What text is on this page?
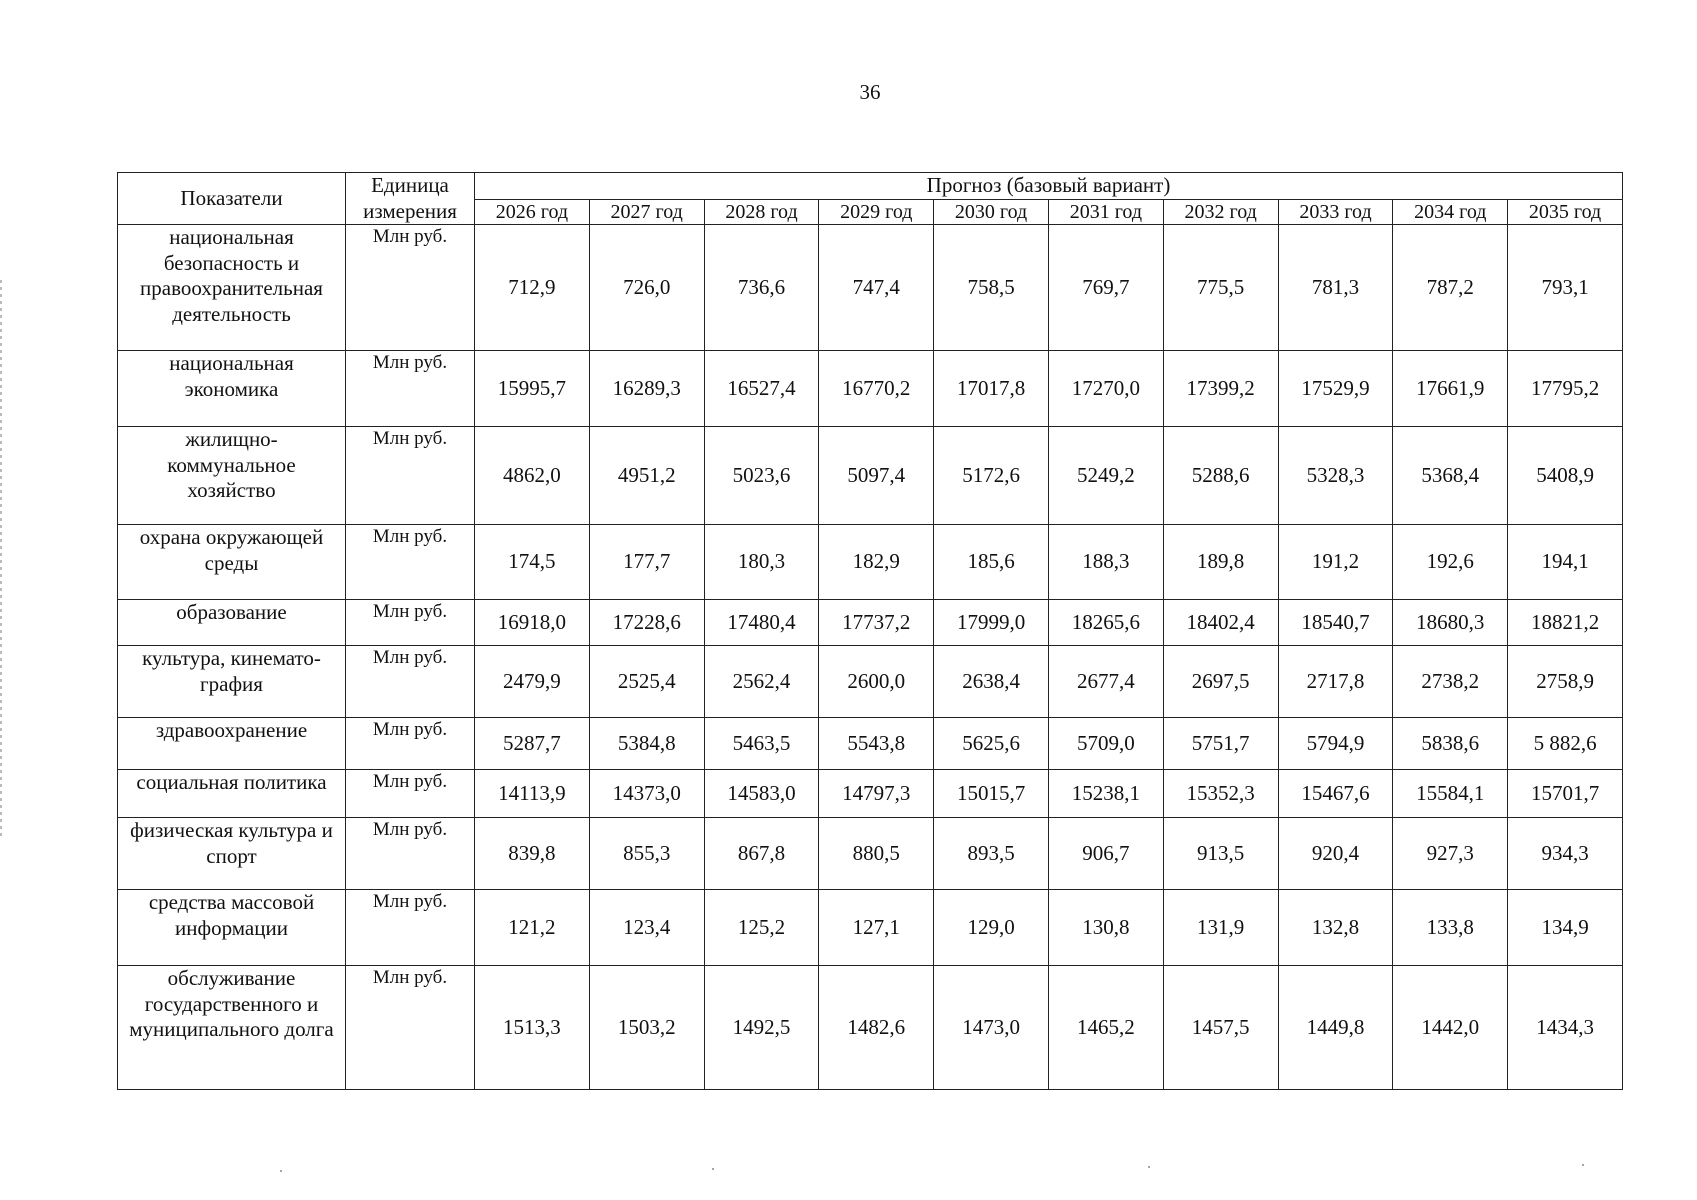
36
Показатели	Единица измерения	Прогноз (базовый вариант)									
		2026 год	2027 год	2028 год	2029 год	2030 год	2031 год	2032 год	2033 год	2034 год	2035 год
национальная безопасность и правоохранительная деятельность	Млн руб.	712,9	726,0	736,6	747,4	758,5	769,7	775,5	781,3	787,2	793,1
национальная экономика	Млн руб.	15995,7	16289,3	16527,4	16770,2	17017,8	17270,0	17399,2	17529,9	17661,9	17795,2
жилищно-коммунальное хозяйство	Млн руб.	4862,0	4951,2	5023,6	5097,4	5172,6	5249,2	5288,6	5328,3	5368,4	5408,9
охрана окружающей среды	Млн руб.	174,5	177,7	180,3	182,9	185,6	188,3	189,8	191,2	192,6	194,1
образование	Млн руб.	16918,0	17228,6	17480,4	17737,2	17999,0	18265,6	18402,4	18540,7	18680,3	18821,2
культура, кинемато-графия	Млн руб.	2479,9	2525,4	2562,4	2600,0	2638,4	2677,4	2697,5	2717,8	2738,2	2758,9
здравоохранение	Млн руб.	5287,7	5384,8	5463,5	5543,8	5625,6	5709,0	5751,7	5794,9	5838,6	5 882,6
социальная политика	Млн руб.	14113,9	14373,0	14583,0	14797,3	15015,7	15238,1	15352,3	15467,6	15584,1	15701,7
физическая культура и спорт	Млн руб.	839,8	855,3	867,8	880,5	893,5	906,7	913,5	920,4	927,3	934,3
средства массовой информации	Млн руб.	121,2	123,4	125,2	127,1	129,0	130,8	131,9	132,8	133,8	134,9
обслуживание государственного и муниципального долга	Млн руб.	1513,3	1503,2	1492,5	1482,6	1473,0	1465,2	1457,5	1449,8	1442,0	1434,3
